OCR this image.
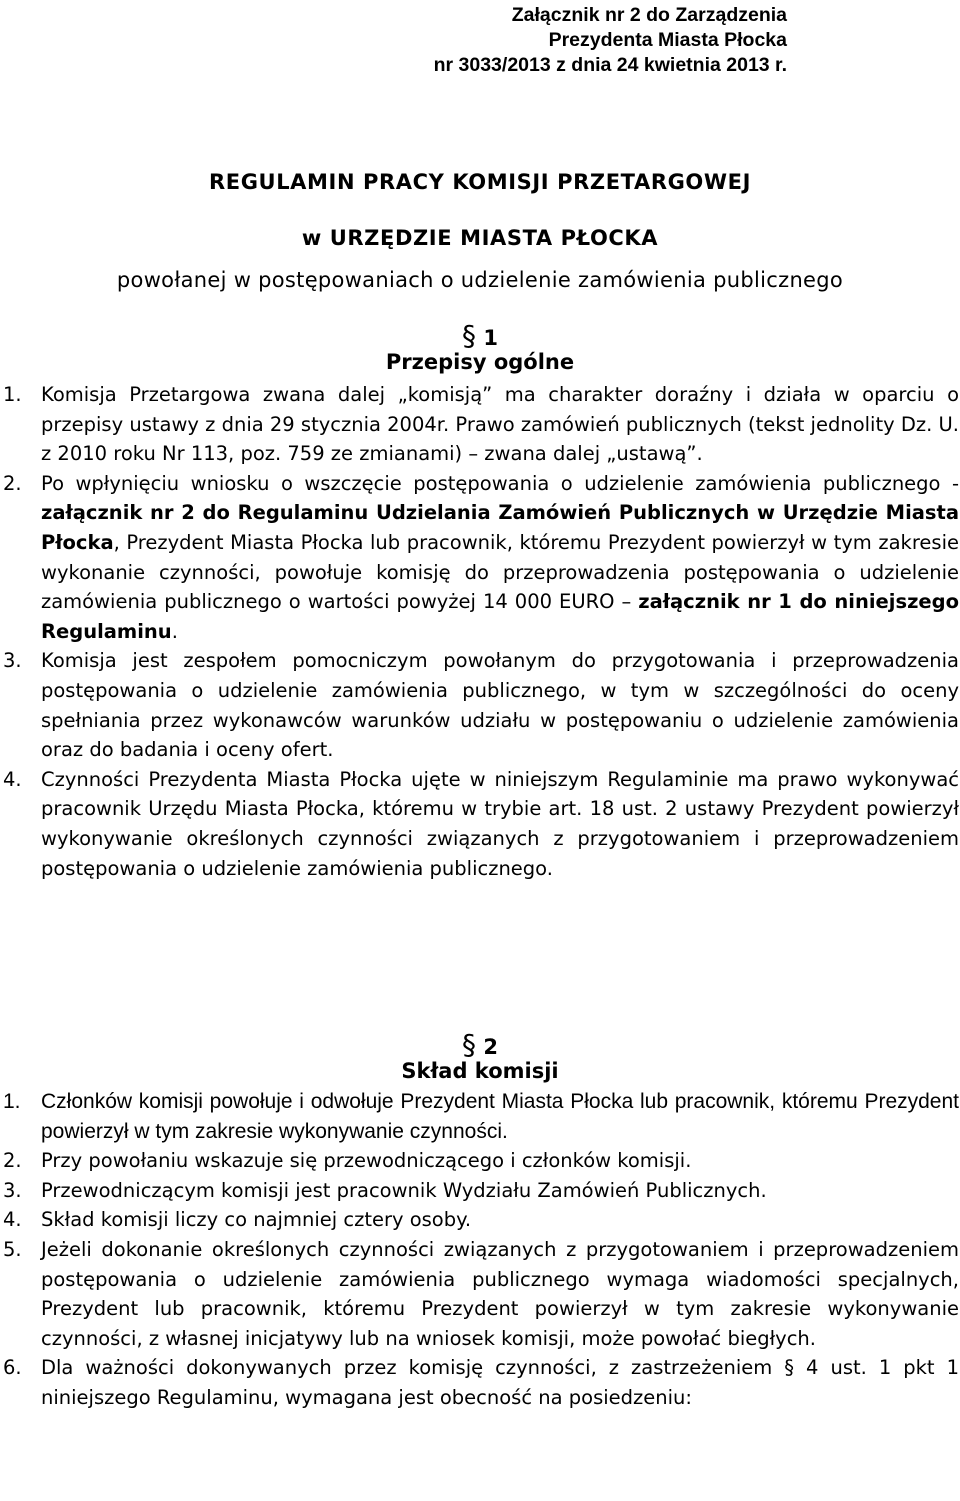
Załącznik nr 2 do Zarządzenia
Prezydenta Miasta Płocka
nr 3033/2013 z dnia 24 kwietnia 2013 r.
REGULAMIN PRACY KOMISJI PRZETARGOWEJ
w URZĘDZIE MIASTA PŁOCKA
powołanej w postępowaniach o udzielenie zamówienia publicznego
§ 1
Przepisy ogólne
1. Komisja Przetargowa zwana dalej „komisją” ma charakter doraźny i działa w oparciu o przepisy ustawy z dnia 29 stycznia 2004r. Prawo zamówień publicznych (tekst jednolity Dz. U. z 2010 roku Nr 113, poz. 759 ze zmianami) – zwana dalej „ustawą”.
2. Po wpłynięciu wniosku o wszczęcie postępowania o udzielenie zamówienia publicznego - załącznik nr 2 do Regulaminu Udzielania Zamówień Publicznych w Urzędzie Miasta Płocka, Prezydent Miasta Płocka lub pracownik, któremu Prezydent powierzył w tym zakresie wykonanie czynności, powołuje komisję do przeprowadzenia postępowania o udzielenie zamówienia publicznego o wartości powyżej 14 000 EURO – załącznik nr 1 do niniejszego Regulaminu.
3. Komisja jest zespołem pomocniczym powołanym do przygotowania i przeprowadzenia postępowania o udzielenie zamówienia publicznego, w tym w szczególności do oceny spełniania przez wykonawców warunków udziału w postępowaniu o udzielenie zamówienia oraz do badania i oceny ofert.
4. Czynności Prezydenta Miasta Płocka ujęte w niniejszym Regulaminie ma prawo wykonywać pracownik Urzędu Miasta Płocka, któremu w trybie art. 18 ust. 2 ustawy Prezydent powierzył wykonywanie określonych czynności związanych z przygotowaniem i przeprowadzeniem postępowania o udzielenie zamówienia publicznego.
§ 2
Skład komisji
1. Członków komisji powołuje i odwołuje Prezydent Miasta Płocka lub pracownik, któremu Prezydent powierzył w tym zakresie wykonywanie czynności.
2. Przy powołaniu wskazuje się przewodniczącego i członków komisji.
3. Przewodniczącym komisji jest pracownik Wydziału Zamówień Publicznych.
4. Skład komisji liczy co najmniej cztery osoby.
5. Jeżeli dokonanie określonych czynności związanych z przygotowaniem i przeprowadzeniem postępowania o udzielenie zamówienia publicznego wymaga wiadomości specjalnych, Prezydent lub pracownik, któremu Prezydent powierzył w tym zakresie wykonywanie czynności, z własnej inicjatywy lub na wniosek komisji, może powołać biegłych.
6. Dla ważności dokonywanych przez komisję czynności, z zastrzeżeniem § 4 ust. 1 pkt 1 niniejszego Regulaminu, wymagana jest obecność na posiedzeniu:
